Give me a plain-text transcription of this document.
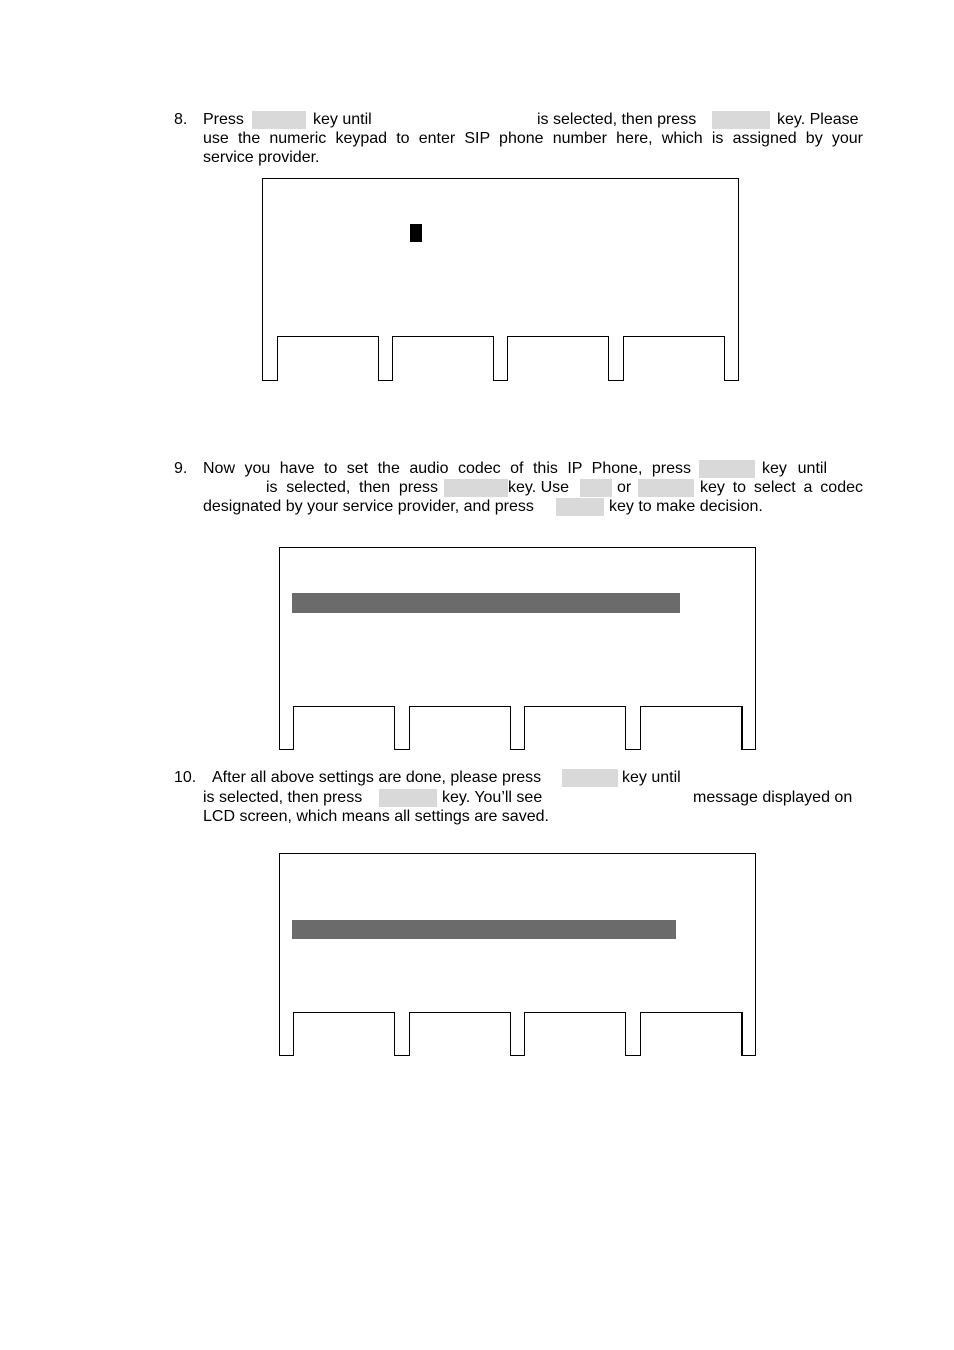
8. Press	key until	is selected, then press	key. Please
use the numeric keypad to enter SIP phone number here, which is assigned by your
service provider.
9. Now you have to set the audio codec of this IP Phone, press	key until
is selected, then press	key. Use	or	key to select a codec
designated by your service provider, and press	key to make decision.
10. After all above settings are done, please press	key until
is selected, then press	key. You’ll see	message displayed on
LCD screen, which means all settings are saved.
